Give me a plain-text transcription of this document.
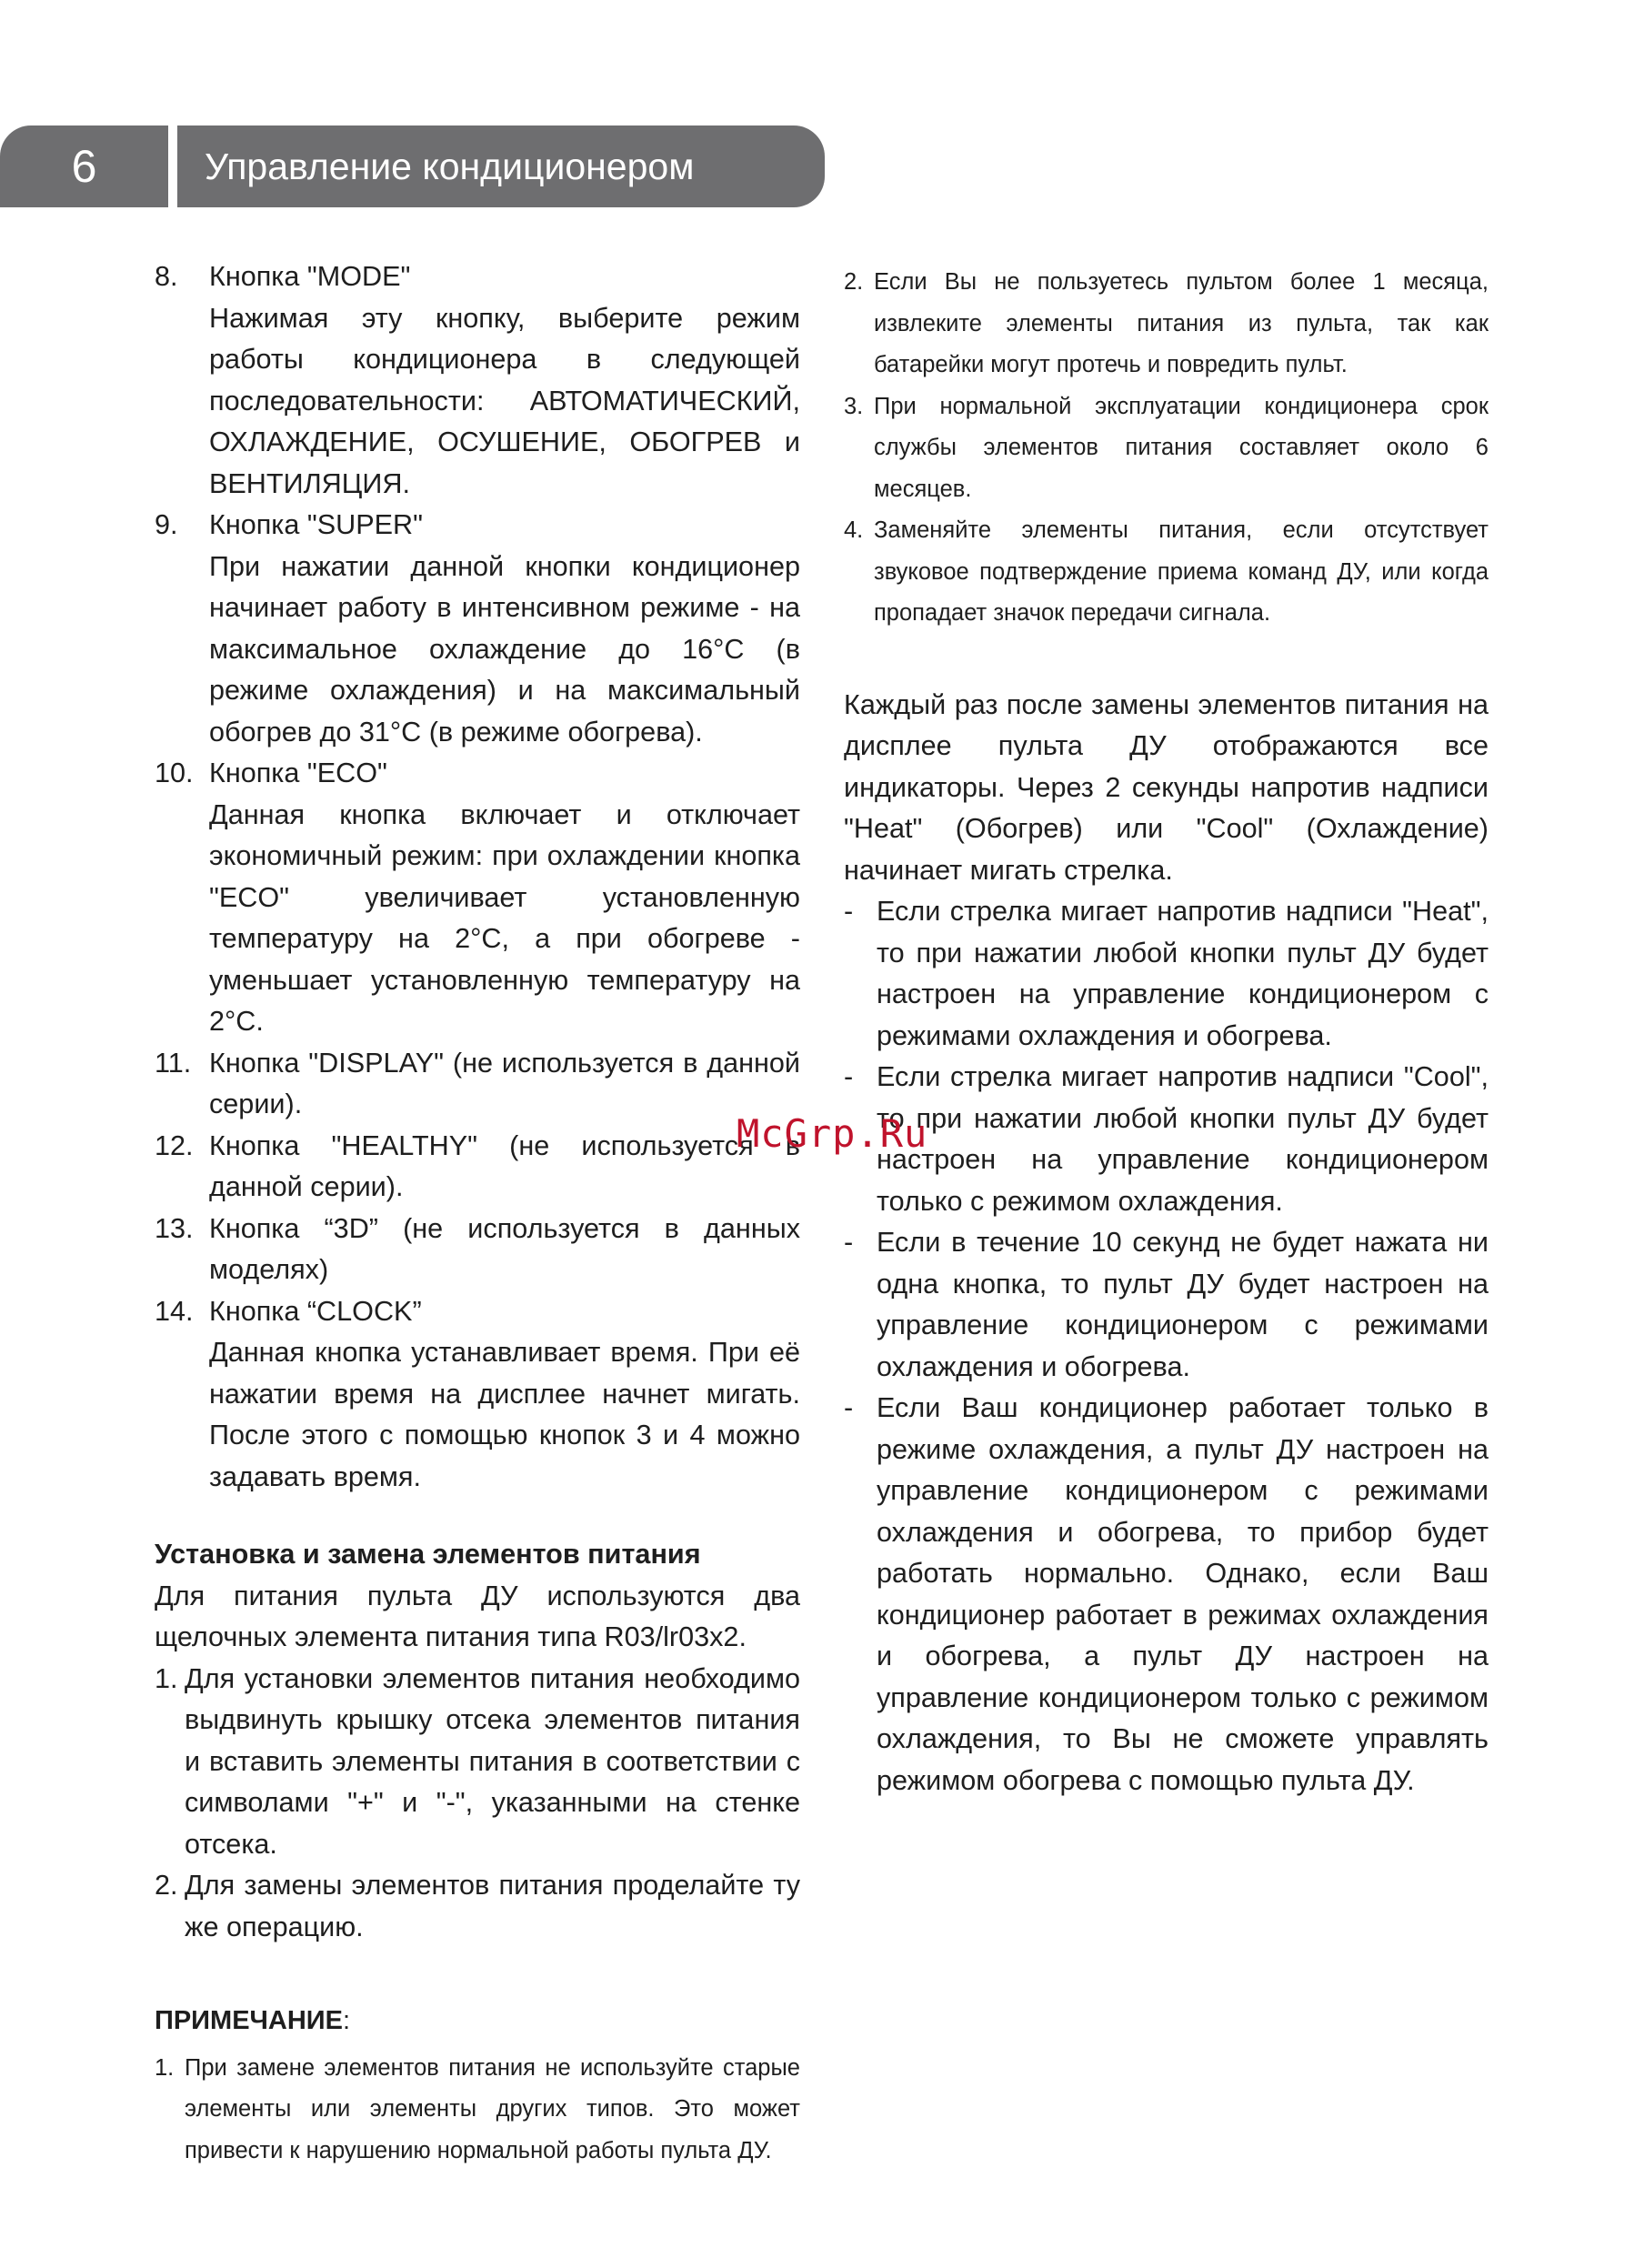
6	Управление кондиционером
8. Кнопка "MODE"

Нажимая эту кнопку, выберите режим работы кондиционера в следующей последовательности: АВТОМАТИЧЕСКИЙ, ОХЛАЖДЕНИЕ, ОСУШЕНИЕ, ОБОГРЕВ и ВЕНТИЛЯЦИЯ.

9. Кнопка "SUPER"

При нажатии данной кнопки кондиционер начинает работу в интенсивном режиме - на максимальное охлаждение до 16°C (в режиме охлаждения) и на максимальный обогрев до 31°C (в режиме обогрева).

10. Кнопка "ECO"

Данная кнопка включает и отключает экономичный режим: при охлаждении кнопка "ECO" увеличивает установленную температуру на 2°C, а при обогреве - уменьшает установленную температуру на 2°C.

11. Кнопка "DISPLAY" (не используется в данной серии).

12. Кнопка "HEALTHY" (не используется в данной серии).

13. Кнопка “3D” (не используется в данных моделях)

14. Кнопка “CLOCK”

Данная кнопка устанавливает время. При её нажатии время на дисплее начнет мигать. После этого с помощью кнопок 3 и 4 можно задавать время.

Установка и замена элементов питания

Для питания пульта ДУ используются два щелочных элемента питания типа R03/lr03x2.

1. Для установки элементов питания необходимо выдвинуть крышку отсека элементов питания и вставить элементы питания в соответствии с символами "+" и "-", указанными на стенке отсека.

2. Для замены элементов питания проделайте ту же операцию.

ПРИМЕЧАНИЕ:

1. При замене элементов питания не используйте старые элементы или элементы других типов. Это может привести к нарушению нормальной работы пульта ДУ.

2. Если Вы не пользуетесь пультом более 1 месяца, извлеките элементы питания из пульта, так как батарейки могут протечь и повредить пульт.

3. При нормальной эксплуатации кондиционера срок службы элементов питания составляет около 6 месяцев.

4. Заменяйте элементы питания, если отсутствует звуковое подтверждение приема команд ДУ, или когда пропадает значок передачи сигнала.

Каждый раз после замены элементов питания на дисплее пульта ДУ отображаются все индикаторы. Через 2 секунды напротив надписи "Heat" (Обогрев) или "Cool" (Охлаждение) начинает мигать стрелка.

- Если стрелка мигает напротив надписи "Heat", то при нажатии любой кнопки пульт ДУ будет настроен на управление кондиционером с режимами охлаждения и обогрева.

- Если стрелка мигает напротив надписи "Cool", то при нажатии любой кнопки пульт ДУ будет настроен на управление кондиционером только с режимом охлаждения.

- Если в течение 10 секунд не будет нажата ни одна кнопка, то пульт ДУ будет настроен на управление кондиционером с режимами охлаждения и обогрева.

- Если Ваш кондиционер работает только в режиме охлаждения, а пульт ДУ настроен на управление кондиционером с режимами охлаждения и обогрева, то прибор будет работать нормально. Однако, если Ваш кондиционер работает в режимах охлаждения и обогрева, а пульт ДУ настроен на управление кондиционером только с режимом охлаждения, то Вы не сможете управлять режимом обогрева с помощью пульта ДУ.

McGrp.Ru
